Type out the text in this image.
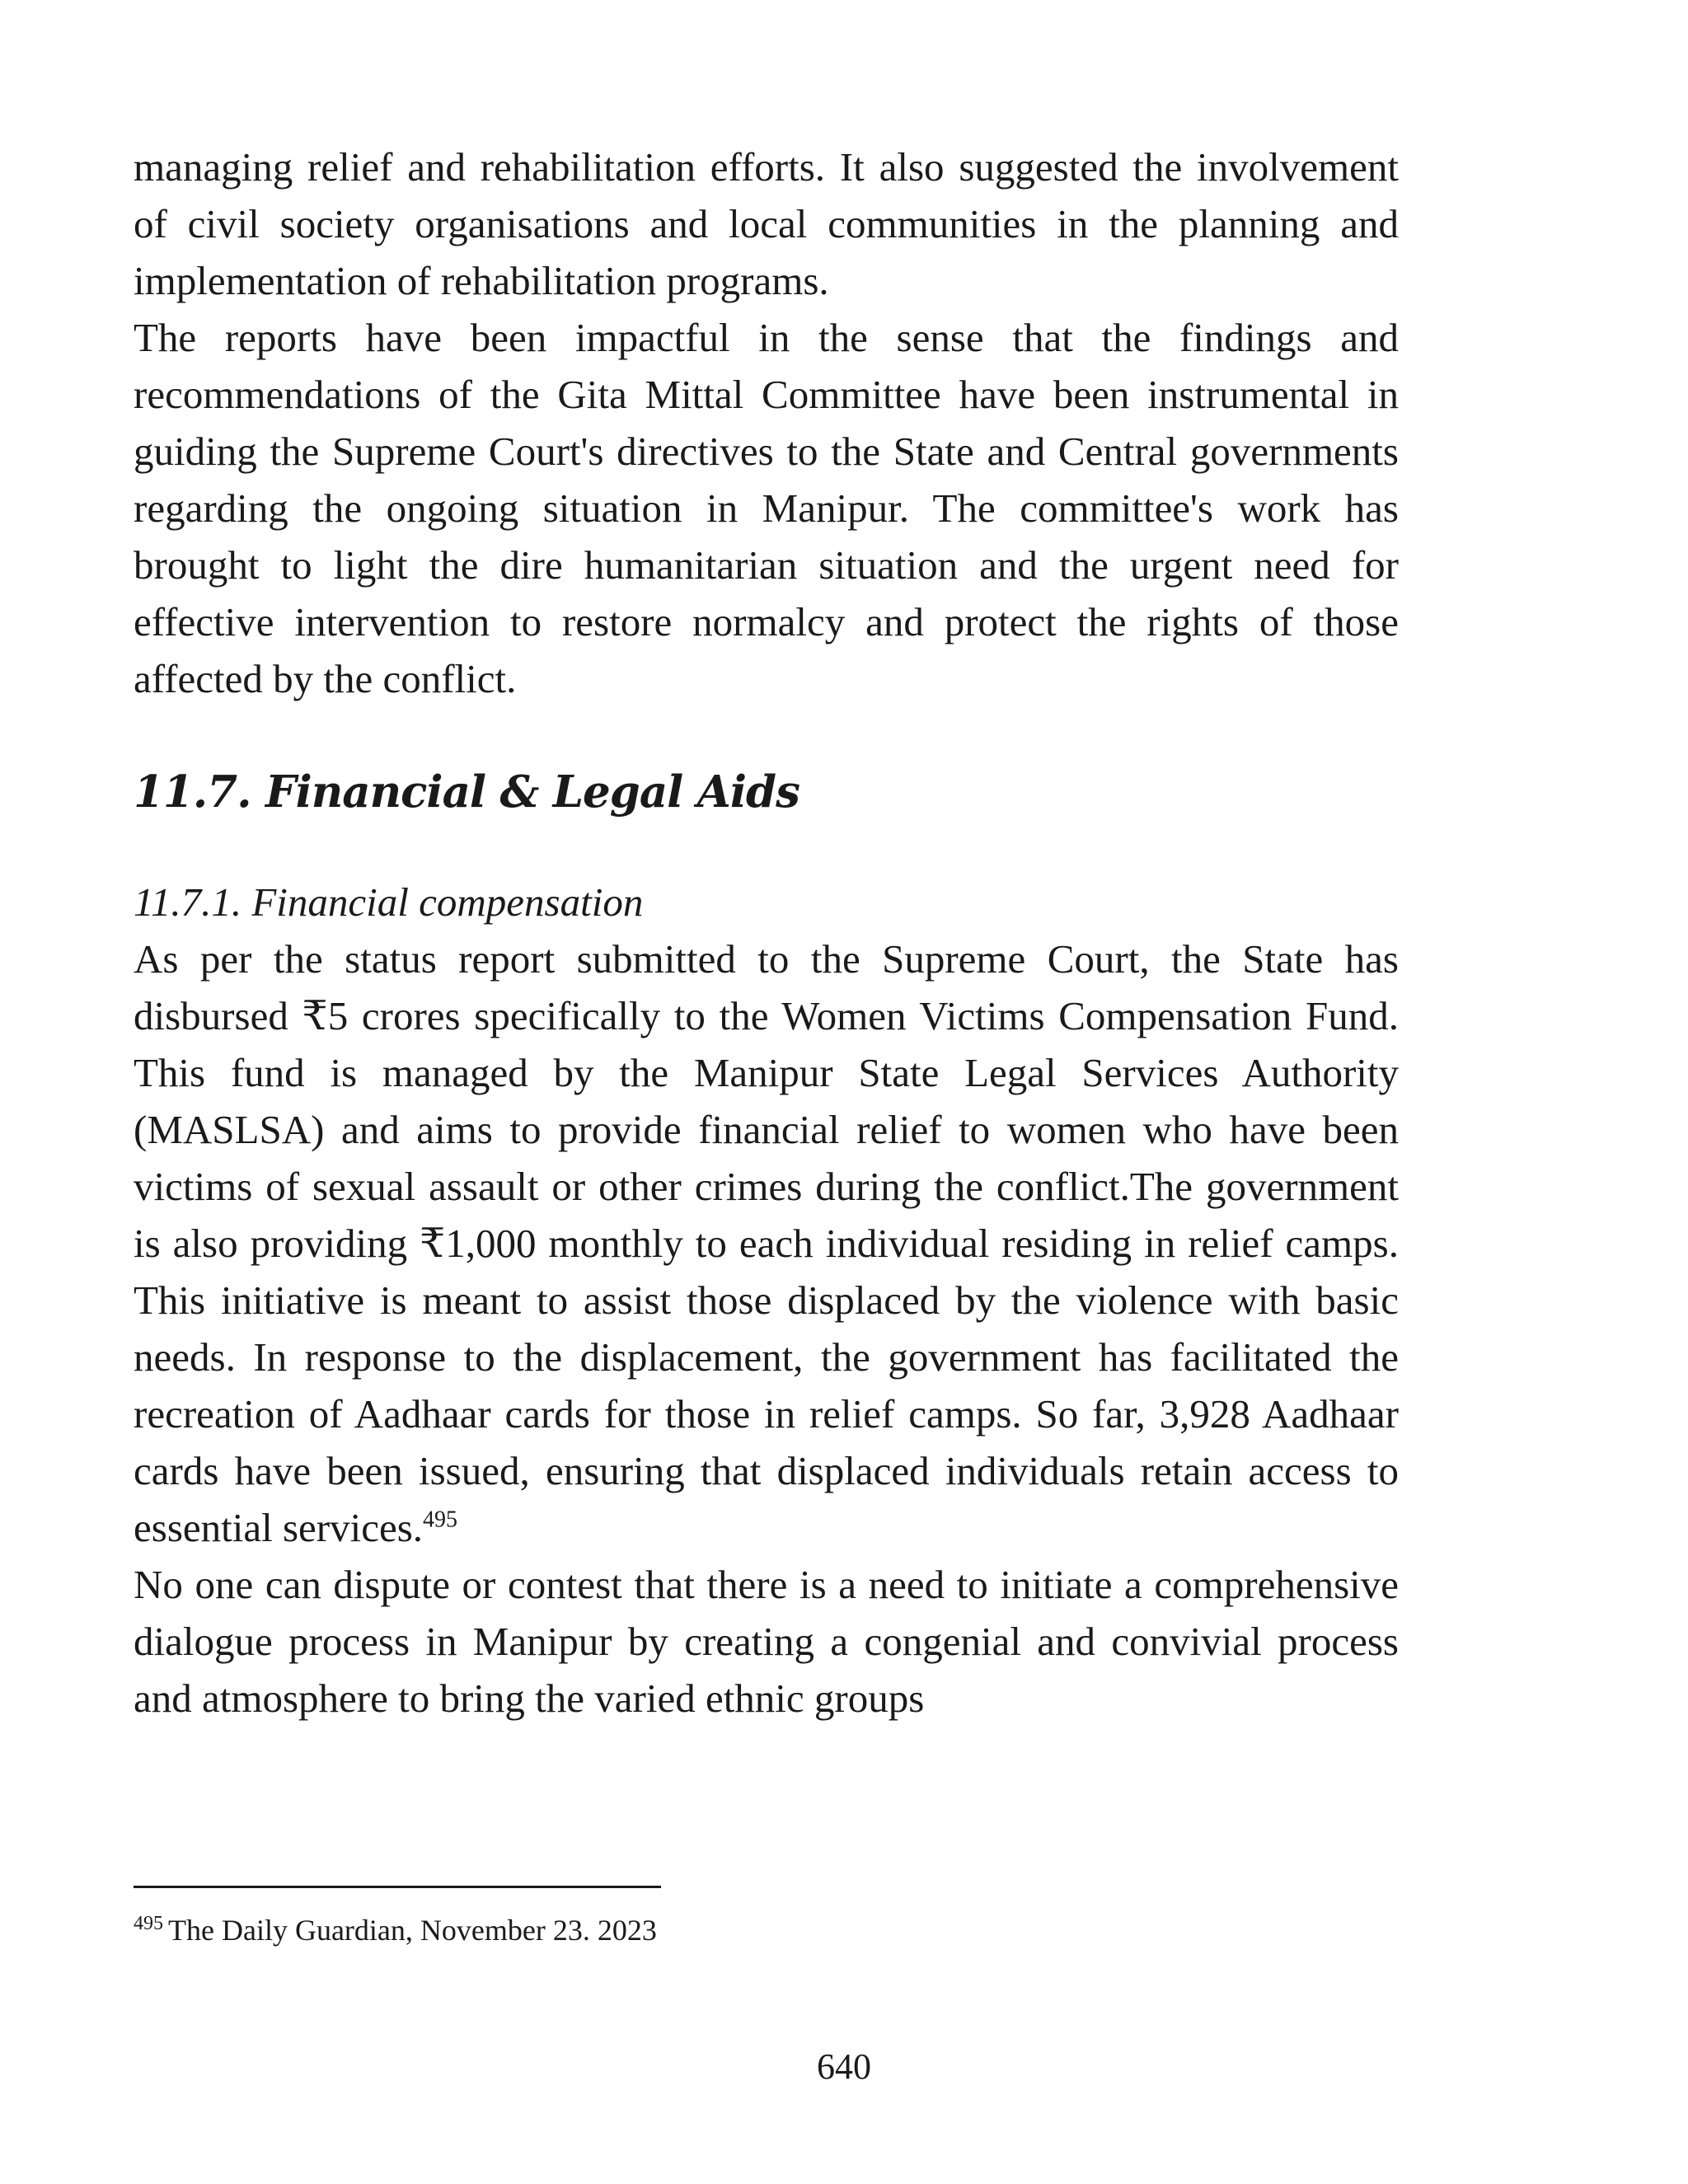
managing relief and rehabilitation efforts. It also suggested the involvement of civil society organisations and local communities in the planning and implementation of rehabilitation programs.

The reports have been impactful in the sense that the findings and recommendations of the Gita Mittal Committee have been instrumental in guiding the Supreme Court's directives to the State and Central governments regarding the ongoing situation in Manipur. The committee's work has brought to light the dire humanitarian situation and the urgent need for effective intervention to restore normalcy and protect the rights of those affected by the conflict.

11.7. Financial & Legal Aids
11.7.1. Financial compensation

As per the status report submitted to the Supreme Court, the State has disbursed ₹5 crores specifically to the Women Victims Compensation Fund. This fund is managed by the Manipur State Legal Services Authority (MASLSA) and aims to provide financial relief to women who have been victims of sexual assault or other crimes during the conflict.The government is also providing ₹1,000 monthly to each individual residing in relief camps. This initiative is meant to assist those displaced by the violence with basic needs. In response to the displacement, the government has facilitated the recreation of Aadhaar cards for those in relief camps. So far, 3,928 Aadhaar cards have been issued, ensuring that displaced individuals retain access to essential services.$^{495}$

No one can dispute or contest that there is a need to initiate a comprehensive dialogue process in Manipur by creating a congenial and convivial process and atmosphere to bring the varied ethnic groups

$^{495}$ The Daily Guardian, November 23. 2023
640
